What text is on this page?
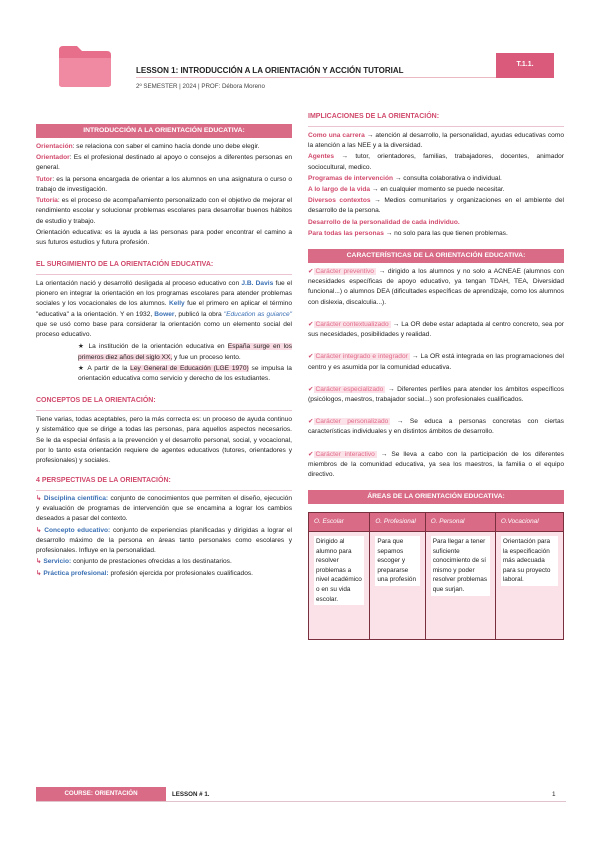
LESSON 1: INTRODUCCIÓN A LA ORIENTACIÓN Y ACCIÓN TUTORIAL
2º SEMESTER | 2024 | PROF: Débora Moreno
T.1.1.
INTRODUCCIÓN A LA ORIENTACIÓN EDUCATIVA:

Orientación: se relaciona con saber el camino hacía donde uno debe elegir.

Orientador: Es el profesional destinado al apoyo o consejos a diferentes personas en general.

Tutor: es la persona encargada de orientar a los alumnos en una asignatura o curso o trabajo de investigación.

Tutoría: es el proceso de acompañamiento personalizado con el objetivo de mejorar el rendimiento escolar y solucionar problemas escolares para desarrollar buenos hábitos de estudio y trabajo.

Orientación educativa: es la ayuda a las personas para poder encontrar el camino a sus futuros estudios y futura profesión.

EL SURGIMIENTO DE LA ORIENTACIÓN EDUCATIVA:

La orientación nació y desarrolló desligada al proceso educativo con J.B. Davis fue el pionero en integrar la orientación en los programas escolares para atender problemas sociales y los vocacionales de los alumnos. Kelly fue el primero en aplicar el término "educativa" a la orientación. Y en 1932, Bower, publicó la obra "Education as guiance" que se usó como base para considerar la orientación como un elemento social del proceso educativo.

★ La institución de la orientación educativa en España surge en los primeros diez años del siglo XX, y fue un proceso lento.

★ A partir de la Ley General de Educación (LGE 1970) se impulsa la orientación educativa como servicio y derecho de los estudiantes.

CONCEPTOS DE LA ORIENTACIÓN:

Tiene varias, todas aceptables, pero la más correcta es: un proceso de ayuda continuo y sistemático que se dirige a todas las personas, para aquellos aspectos necesarios. Se le da especial énfasis a la prevención y el desarrollo personal, social, y vocacional, por lo tanto esta orientación requiere de agentes educativos (tutores, orientadores y profesionales) y sociales.

4 PERSPECTIVAS DE LA ORIENTACIÓN:

↳ Disciplina científica: conjunto de conocimientos que permiten el diseño, ejecución y evaluación de programas de intervención que se encamina a lograr los cambios deseados a pasar del contexto.

↳ Concepto educativo: conjunto de experiencias planificadas y dirigidas a lograr el desarrollo máximo de la persona en áreas tanto personales como escolares y profesionales. Influye en la personalidad.

↳ Servicio: conjunto de prestaciones ofrecidas a los destinatarios.

↳ Práctica profesional: profesión ejercida por profesionales cualificados.

IMPLICACIONES DE LA ORIENTACIÓN:

Como una carrera → atención al desarrollo, la personalidad, ayudas educativas como la atención a las NEE y a la diversidad.

Agentes → tutor, orientadores, familias, trabajadores, docentes, animador sociocultural, medico.

Programas de intervención → consulta colaborativa o individual.

A lo largo de la vida → en cualquier momento se puede necesitar.

Diversos contextos → Medios comunitarios y organizaciones en el ambiente del desarrollo de la persona.

Desarrollo de la personalidad de cada individuo.

Para todas las personas → no solo para las que tienen problemas.

CARACTERÍSTICAS DE LA ORIENTACIÓN EDUCATIVA:

✔ Carácter preventivo → dirigido a los alumnos y no solo a ACNEAE (alumnos con necesidades específicas de apoyo educativo, ya tengan TDAH, TEA, Diversidad funcional...) o alumnos DEA (dificultades específicas de aprendizaje, como los alumnos con dislexia, discalculia...).

✔ Carácter contextualizado → La OR debe estar adaptada al centro concreto, sea por sus necesidades, posibilidades y realidad.

✔ Carácter integrado e integrador → La OR está integrada en las programaciones del centro y es asumida por la comunidad educativa.

✔ Carácter especializado → Diferentes perfiles para atender los ámbitos específicos (psicólogos, maestros, trabajador social...) son profesionales cualificados.

✔ Carácter personalizado → Se educa a personas concretas con ciertas características individuales y en distintos ámbitos de desarrollo.

✔ Carácter interactivo → Se lleva a cabo con la participación de los diferentes miembros de la comunidad educativa, ya sea los maestros, la familia o el equipo directivo.

ÁREAS DE LA ORIENTACIÓN EDUCATIVA:
O. Escolar	O. Profesional	O. Personal	O.Vocacional

Dirigido al alumno para resolver problemas a nivel académico o en su vida escolar.	Para que sepamos escoger y prepararse una profesión	Para llegar a tener suficiente conocimiento de sí mismo y poder resolver problemas que surjan.	Orientación para la especificación más adecuada para su proyecto laboral.
COURSE: ORIENTACIÓN	LESSON # 1.	1
